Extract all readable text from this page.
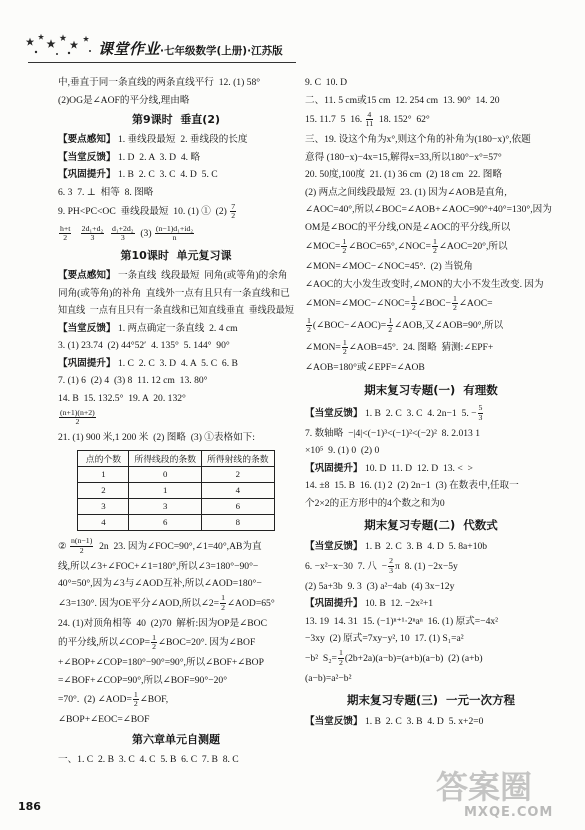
课堂作业 ·七年级数学(上册)·江苏版
中,垂直于同一条直线的两条直线平行  12. (1) 58°
(2)OG是∠AOF的平分线,理由略
第9课时  垂直(2)
【要点感知】 1. 垂线段最短  2. 垂线段的长度
【当堂反馈】 1. D  2. A  3. D  4. 略
【巩固提升】 1. B  2. C  3. C  4. D  5. C
6. 3  7. ⊥  相等  8. 图略
9. PH<PC<OC  垂线段最短  10. (1) ①  $(2) \frac{7}{2}$
$\frac{h+t}{2}$
$\frac{\text{2d₁+d₂}}{3}$
$\frac{\text{d₁+2d₂}}{3} (3) \frac{\text{(n−1)d₁+id₂}}{n}$
第10课时  单元复习课
【要点感知】 一条直线  线段最短  同角(或等角)的余角
同角(或等角)的补角  直线外一点有且只有一条直线和已
知直线  一点有且只有一条直线和已知直线垂直  垂线段最短
【当堂反馈】 1. 两点确定一条直线  2. 4 cm
3. (1) 23.74  (2) 44°52′  4. 135°  5. 144°  90°
【巩固提升】 1. C  2. C  3. D  4. A  5. C  6. B
7. (1) 6  (2) 4  (3) 8  11. 12 cm  13. 80°
14. B  15. 132.5°  19. A  20. 132°
$\frac{(n+1)(n+2)}{2}$
21. (1) 900 米,1 200 米  (2) 图略  (3) ①表格如下:
点的个数	所得线段的条数	所得射线的条数
1	0	2
2	1	4
3	3	6
4	6	8
② $\frac{n(n-1)}{2} 2n$  23. 因为∠FOC=90°,∠1=40°,AB为直
线,所以∠3+∠FOC+∠1=180°,所以∠3=180°−90°−
40°=50°,因为∠3与∠AOD互补,所以∠AOD=180°−
∠3=130°. 因为OE平分∠AOD,所以∠2= $\frac{1}{2}$ ∠AOD=65°
24. (1)对顶角相等  40  (2)70  解析:因为OP是∠BOC
的平分线,所以∠COP= $\frac{1}{2}$ ∠BOC=20°. 因为∠BOF
+∠BOP+∠COP=180°−90°=90°,所以∠BOF+∠BOP
=∠BOF+∠COP=90°,所以∠BOF=90°−20°
=70°.  (2) ∠AOD= $\frac{1}{2}$ ∠BOF,
∠BOP+∠EOC=∠BOF
第六章单元自测题
一、1. C  2. B  3. C  4. C  5. B  6. C  7. B  8. C
9. C  10. D
二、11. 5 cm或15 cm  12. 254 cm  13. 90°  14. 20
15. 11.7  5  16. $\frac{4}{11} 18$. 152°  62°
三、19. 设这个角为x°,则这个角的补角为(180−x)°,依题
意得 (180−x)−4x=15,解得x=33,所以180°−x°=57°
20. 50度,100度  21. (1) 36 cm  (2) 18 cm  22. 图略
(2) 两点之间线段最短  23. (1) 因为∠AOB是直角,
∠AOC=40°,所以∠BOC=∠AOB+∠AOC=90°+40°=130°,因为
OM是∠BOC的平分线,ON是∠AOC的平分线,所以
∠MOC= $\frac{1}{2}$ ∠BOC=65°,∠NOC= $\frac{1}{2}$ ∠AOC=20°,所以
∠MON=∠MOC−∠NOC=45°.  (2) 当锐角
∠AOC的大小发生改变时,∠MON的大小不发生改变. 因为
∠MON=∠MOC−∠NOC= $\frac{1}{2}$ ∠BOC− $\frac{1}{2}$ ∠AOC=
$\frac{1}{2}$ (∠BOC−∠AOC)= $\frac{1}{2}$ ∠AOB,又∠AOB=90°,所以
∠MON= $\frac{1}{2}$ ∠AOB=45°.  24. 图略  猜测:∠EPF+
∠AOB=180°或∠EPF=∠AOB
期末复习专题(一)  有理数
【当堂反馈】 1. B  2. C  3. C  4. 2n−1  5. − $\frac{5}{3}$
7. 数轴略  −|4|<(−1)³<(−1)²<(−2)²  8. 2.013 1
×10⁵  9. (1) 0  (2) 0
【巩固提升】 10. D  11. D  12. D  13. <  >
14. ±8  15. B  16. (1) 2  (2) 2n−1  (3) 在数表中,任取一
个2×2的正方形中的4个数之和为0
期末复习专题(二)  代数式
【当堂反馈】 1. B  2. C  3. B  4. D  5. 8a+10b
6. −x²−x−30  7. 八  − $\frac{2}{3}$ π  8. (1) −2x−5y
(2) 5a+3b  9. 3  (3) a²−4ab  (4) 3x−12y
【巩固提升】 10. B  12. −2x²+1
13. 19  14. 31  15. (−1)ⁿ⁺¹·2ⁿaⁿ  16. (1) 原式=−4x²
−3xy  (2) 原式=7xy−y², 10  17. (1) S₁=a²
−b²  $S_2= \frac{1}{2} (2b+2a)(a-b)=(a+b)(a-b)$  (2) (a+b)
(a−b)=a²−b²
期末复习专题(三)  一元一次方程
【当堂反馈】 1. B  2. C  3. B  4. D  5. x+2=0
186
答案圈
MXQE.COM
